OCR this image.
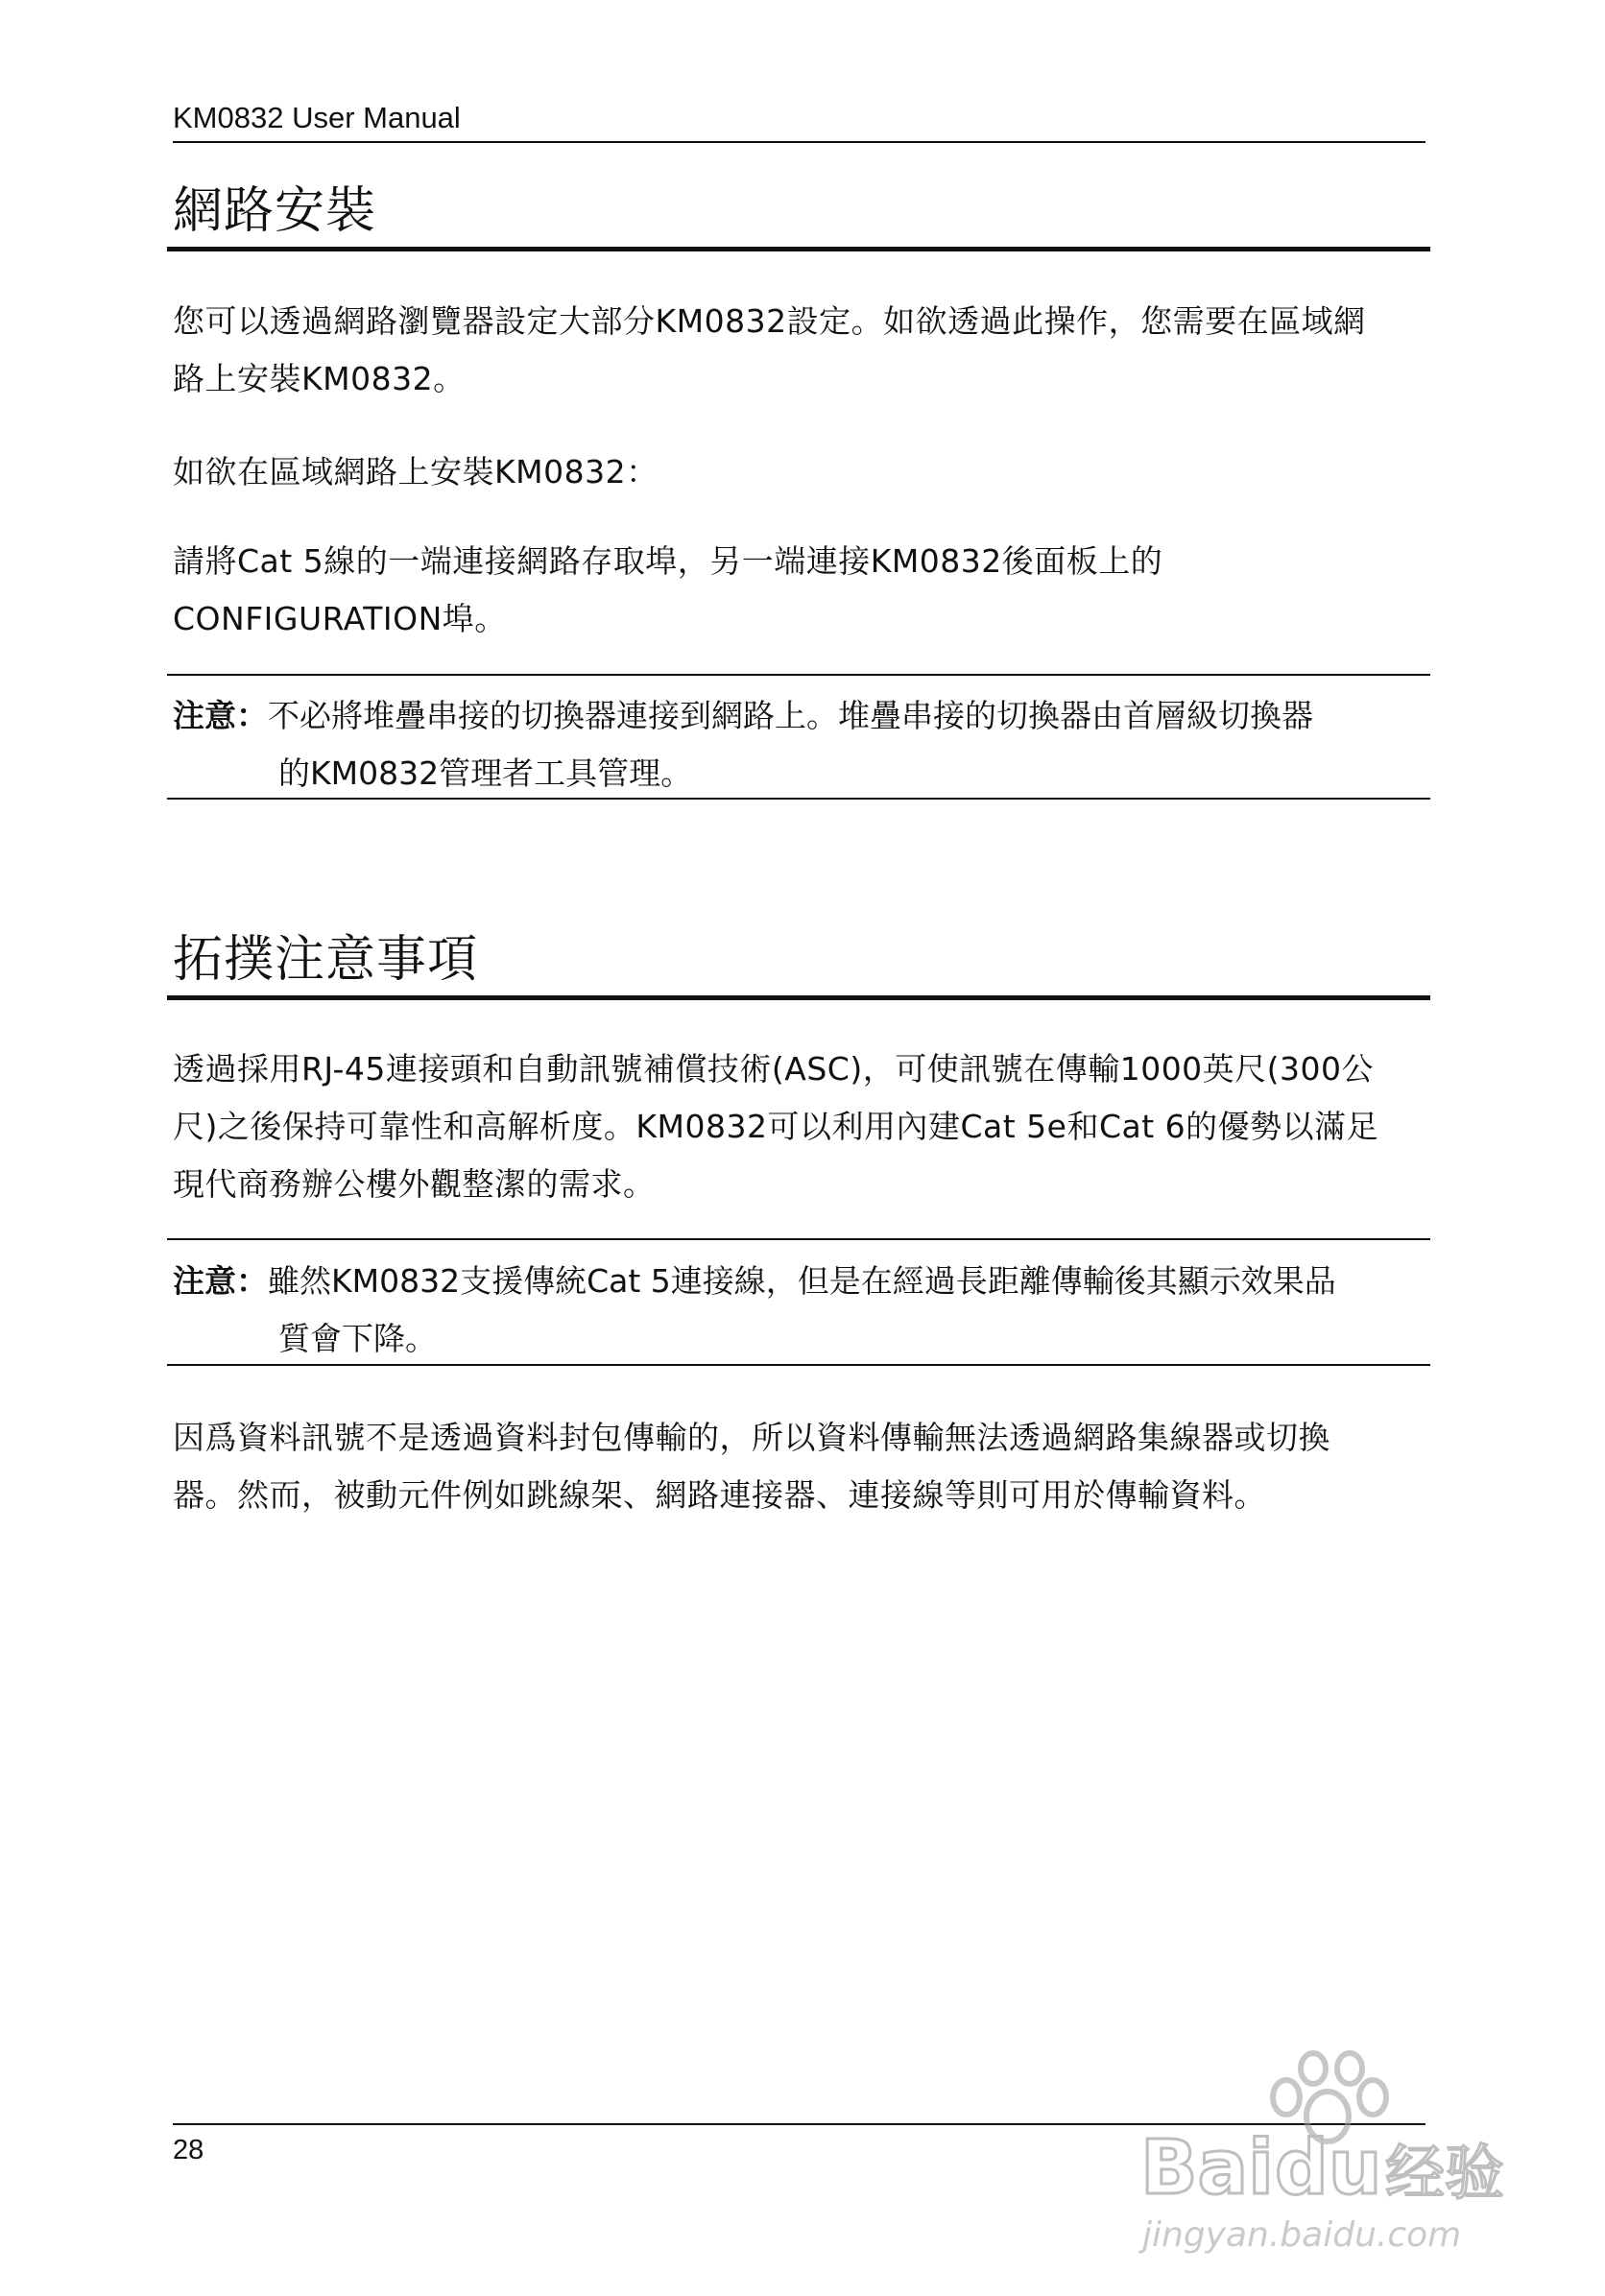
KM0832 User Manual
網路安裝
您可以透過網路瀏覽器設定大部分KM0832設定。如欲透過此操作，您需要在區域網
路上安裝KM0832。
如欲在區域網路上安裝KM0832：
請將Cat 5線的一端連接網路存取埠，另一端連接KM0832後面板上的
CONFIGURATION埠。
注意：不必將堆疊串接的切換器連接到網路上。堆疊串接的切換器由首層級切換器
的KM0832管理者工具管理。
拓撲注意事項
透過採用RJ-45連接頭和自動訊號補償技術(ASC)，可使訊號在傳輸1000英尺(300公
尺)之後保持可靠性和高解析度。KM0832可以利用內建Cat 5e和Cat 6的優勢以滿足
現代商務辦公樓外觀整潔的需求。
注意：雖然KM0832支援傳統Cat 5連接線，但是在經過長距離傳輸後其顯示效果品
質會下降。
因爲資料訊號不是透過資料封包傳輸的，所以資料傳輸無法透過網路集線器或切換
器。然而，被動元件例如跳線架、網路連接器、連接線等則可用於傳輸資料。
28	Bai du 经验
jingyan.baidu.com
